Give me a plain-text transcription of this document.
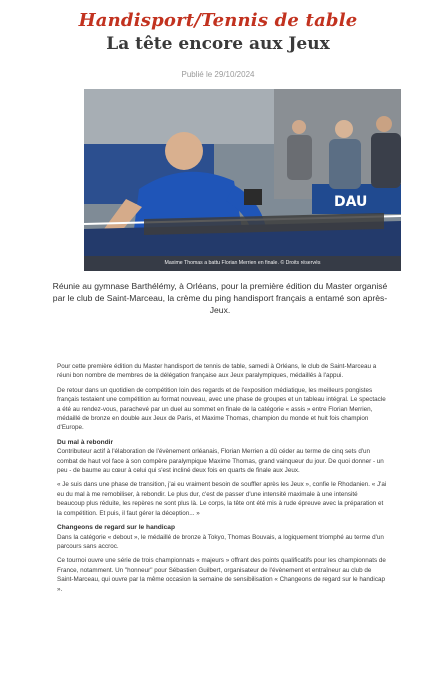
Handisport/Tennis de table
La tête encore aux Jeux
Publié le 29/10/2024
DAU
Maxime Thomas a battu Florian Merrien en finale. © Droits réservés

Réunie au gymnase Barthélémy, à Orléans, pour la première édition du Master organisé par le club de Saint-Marceau, la crème du ping handisport français a entamé son après-Jeux.

Pour cette première édition du Master handisport de tennis de table, samedi à Orléans, le club de Saint-Marceau a réuni bon nombre de membres de la délégation française aux Jeux paralympiques, médaillés à l'appui.

De retour dans un quotidien de compétition loin des regards et de l'exposition médiatique, les meilleurs pongistes français testaient une compétition au format nouveau, avec une phase de groupes et un tableau intégral. Le spectacle a été au rendez-vous, parachevé par un duel au sommet en finale de la catégorie « assis » entre Florian Merrien, médaillé de bronze en double aux Jeux de Paris, et Maxime Thomas, champion du monde et huit fois champion d'Europe.

Du mal à rebondir

Contributeur actif à l'élaboration de l'évènement orléanais, Florian Merrien a dû céder au terme de cinq sets d'un combat de haut vol face à son compère paralympique Maxime Thomas, grand vainqueur du jour. De quoi donner - un peu - de baume au cœur à celui qui s'est incliné deux fois en quarts de finale aux Jeux.

« Je suis dans une phase de transition, j'ai eu vraiment besoin de souffler après les Jeux », confie le Rhodanien. « J'ai eu du mal à me remobiliser, à rebondir. Le plus dur, c'est de passer d'une intensité maximale à une intensité beaucoup plus réduite, les repères ne sont plus là. Le corps, la tête ont été mis à rude épreuve avec la préparation et la compétition. Et puis, il faut gérer la déception... »

Changeons de regard sur le handicap

Dans la catégorie « debout », le médaillé de bronze à Tokyo, Thomas Bouvais, a logiquement triomphé au terme d'un parcours sans accroc.

Ce tournoi ouvre une série de trois championnats « majeurs » offrant des points qualificatifs pour les championnats de France, notamment. Un "honneur" pour Sébastien Guilbert, organisateur de l'évènement et entraîneur au club de Saint-Marceau, qui ouvre par la même occasion la semaine de sensibilisation « Changeons de regard sur le handicap ».
